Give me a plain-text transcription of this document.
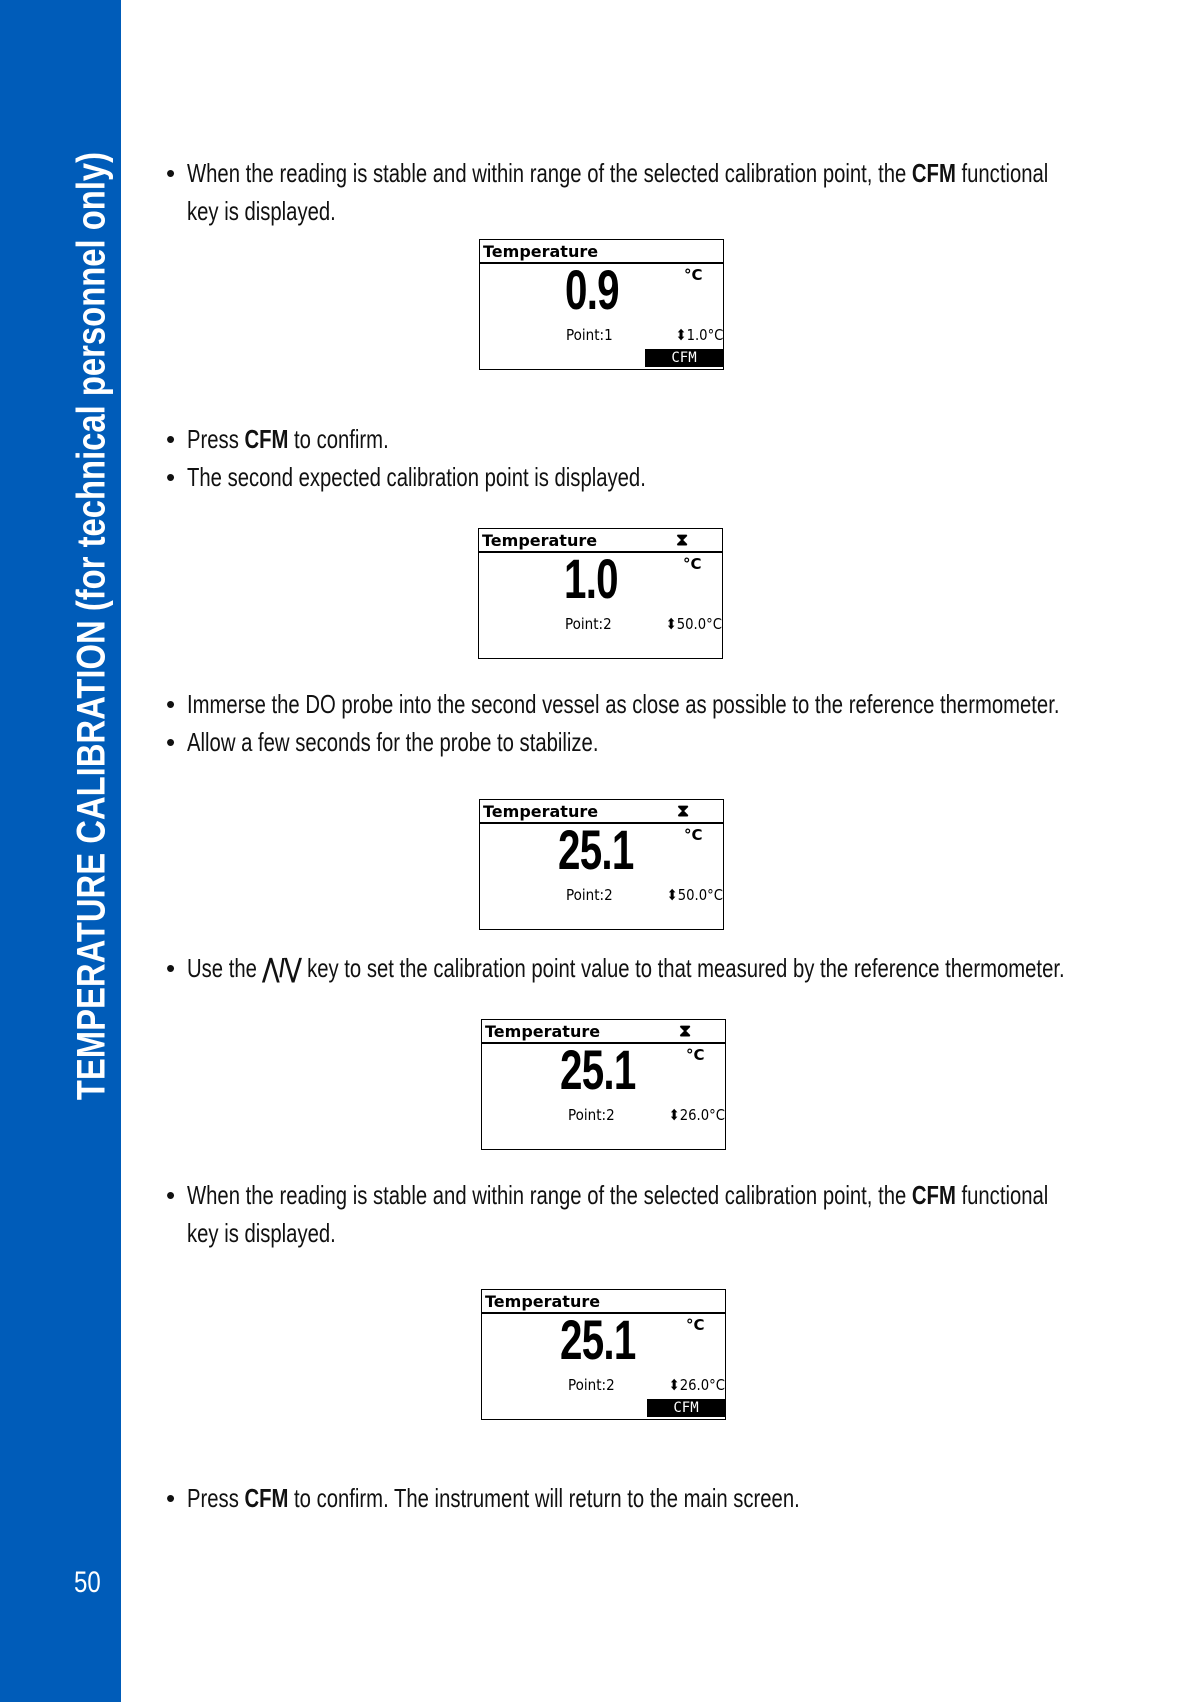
TEMPERATURE CALIBRATION (for technical personnel only)
50
• When the reading is stable and within range of the selected calibration point, the CFM functional
key is displayed.
• Press CFM to confirm.
• The second expected calibration point is displayed.
• Immerse the DO probe into the second vessel as close as possible to the reference thermometer.
• Allow a few seconds for the probe to stabilize.
• Use the ⋀/⋁ key to set the calibration point value to that measured by the reference thermometer.
• When the reading is stable and within range of the selected calibration point, the CFM functional
key is displayed.
• Press CFM to confirm. The instrument will return to the main screen.
Temperature
0.9	°C
Point:1	⬍1.0°C
CFM
Temperature	⧗
1.0	°C
Point:2	⬍50.0°C
Temperature	⧗
25.1	°C
Point:2	⬍50.0°C
Temperature	⧗
25.1	°C
Point:2	⬍26.0°C
Temperature
25.1	°C
Point:2	⬍26.0°C
CFM
